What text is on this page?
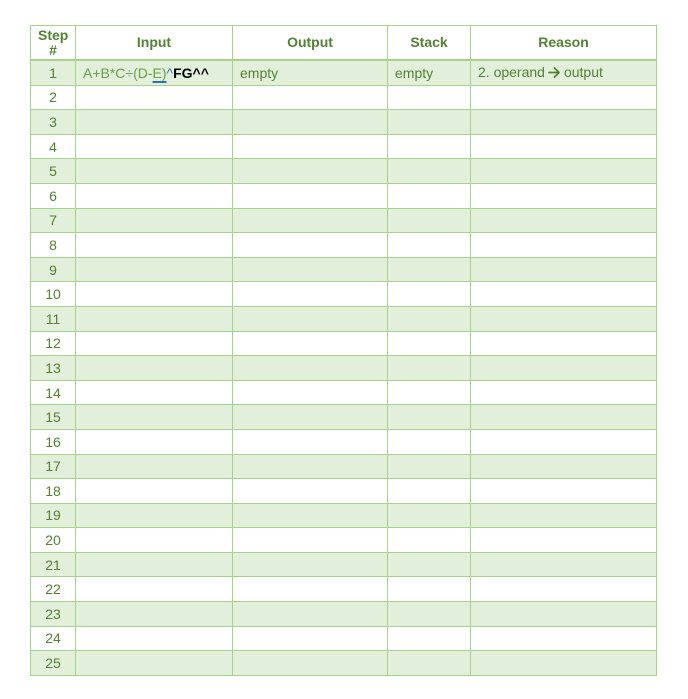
Step #	Input	Output	Stack	Reason
1	A+B*C÷(D-E)^FG^^	empty	empty	2. operand output
2				
3				
4				
5				
6				
7				
8				
9				
10				
11				
12				
13				
14				
15				
16				
17				
18				
19				
20				
21				
22				
23				
24				
25				
